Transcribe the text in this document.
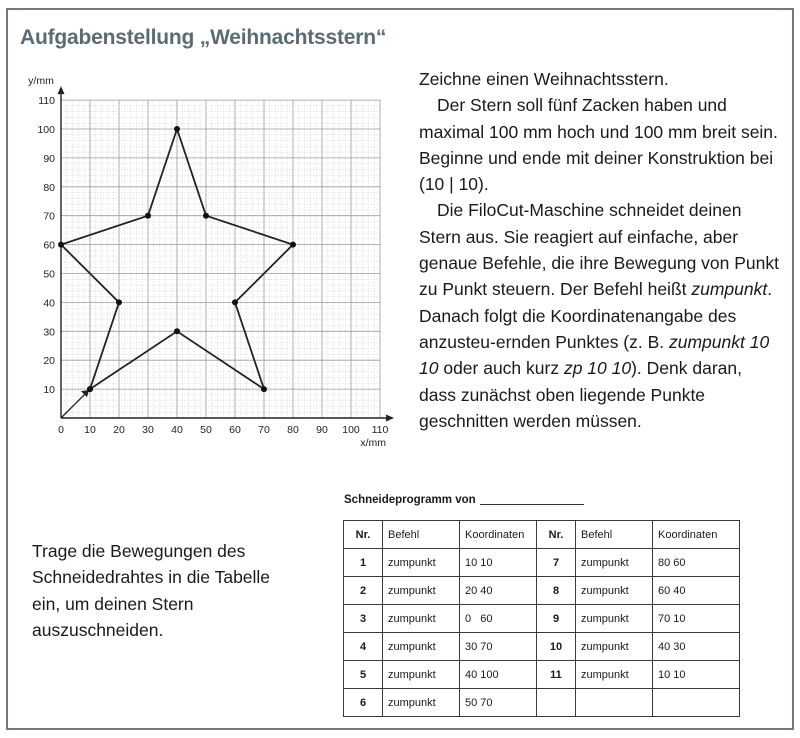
Aufgabenstellung „Weihnachtsstern“
0 10 20 30 40 50 60 70 80 90 100 110
10
20
30
40
50
60
70
80
90
100
110
x/mm
y/mm	Zeichne einen Weihnachtsstern.

Der Stern soll fünf Zacken haben und maximal 100 mm hoch und 100 mm breit sein. Beginne und ende mit deiner Konstruktion bei (10 | 10).

Die FiloCut-Maschine schneidet deinen Stern aus. Sie reagiert auf einfache, aber genaue Befehle, die ihre Bewegung von Punkt zu Punkt steuern. Der Befehl heißt zumpunkt. Danach folgt die Koordinatenangabe des anzusteu-ernden Punktes (z. B. zumpunkt 10 10 oder auch kurz zp 10 10). Denk daran, dass zunächst oben liegende Punkte geschnitten werden müssen.

Trage die Bewegungen des Schneidedrahtes in die Tabelle ein, um deinen Stern auszuschneiden.
Schneideprogramm von
Nr.	Befehl	Koordinaten	Nr.	Befehl	Koordinaten
1	zumpunkt	10 10	7	zumpunkt	80 60
2	zumpunkt	20 40	8	zumpunkt	60 40
3	zumpunkt	0   60	9	zumpunkt	70 10
4	zumpunkt	30 70	10	zumpunkt	40 30
5	zumpunkt	40 100	11	zumpunkt	10 10
6	zumpunkt	50 70			
